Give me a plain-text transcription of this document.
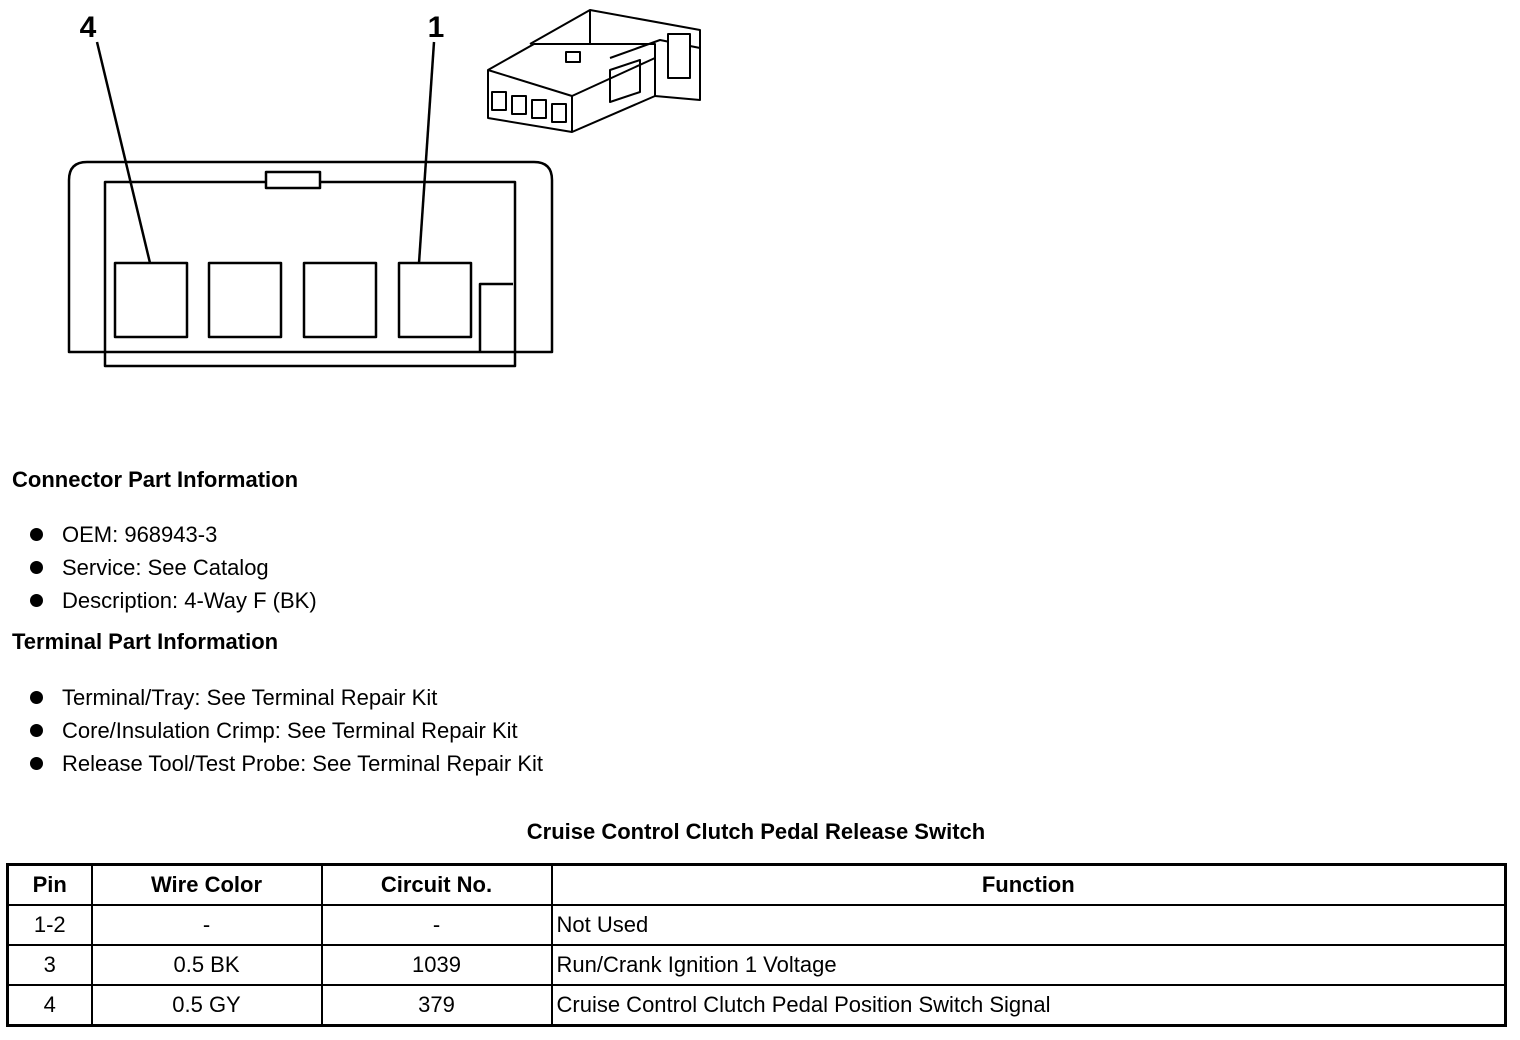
4	1
Connector Part Information
OEM: 968943-3
Service: See Catalog
Description: 4-Way F (BK)
Terminal Part Information
Terminal/Tray: See Terminal Repair Kit
Core/Insulation Crimp: See Terminal Repair Kit
Release Tool/Test Probe: See Terminal Repair Kit
Cruise Control Clutch Pedal Release Switch
Pin	Wire Color	Circuit No.	Function
1-2	-	-	Not Used
3	0.5 BK	1039	Run/Crank Ignition 1 Voltage
4	0.5 GY	379	Cruise Control Clutch Pedal Position Switch Signal
